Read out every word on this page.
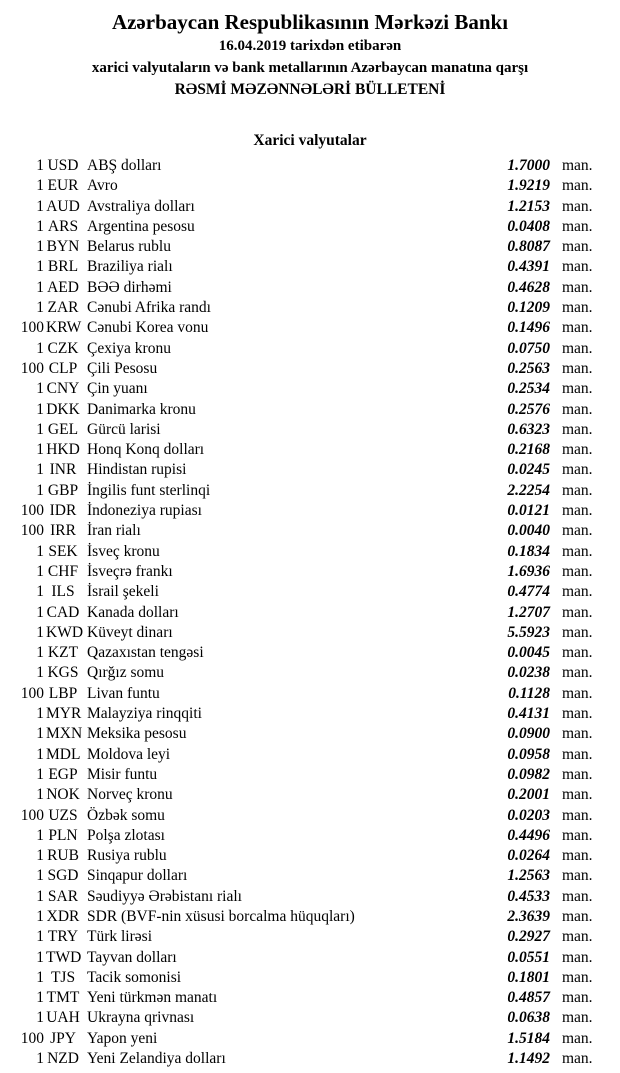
Azərbaycan Respublikasının Mərkəzi Bankı
16.04.2019 tarixdən etibarən
xarici valyutaların və bank metallarının Azərbaycan manatına qarşı
RƏSMİ MƏZƏNNƏLƏRİ BÜLLETENİ
Xarici valyutalar
1 USD ABŞ dolları	1.7000 man.
1 EUR Avro	1.9219 man.
1 AUD Avstraliya dolları	1.2153 man.
1 ARS Argentina pesosu	0.0408 man.
1 BYN Belarus rublu	0.8087 man.
1 BRL Braziliya rialı	0.4391 man.
1 AED BƏƏ dirhəmi	0.4628 man.
1 ZAR Cənubi Afrika randı	0.1209 man.
100 KRW Cənubi Korea vonu	0.1496 man.
1 CZK Çexiya kronu	0.0750 man.
100 CLP Çili Pesosu	0.2563 man.
1 CNY Çin yuanı	0.2534 man.
1 DKK Danimarka kronu	0.2576 man.
1 GEL Gürcü larisi	0.6323 man.
1 HKD Honq Konq dolları	0.2168 man.
1 INR Hindistan rupisi	0.0245 man.
1 GBP İngilis funt sterlinqi	2.2254 man.
100 IDR İndoneziya rupiası	0.0121 man.
100 IRR İran rialı	0.0040 man.
1 SEK İsveç kronu	0.1834 man.
1 CHF İsveçrə frankı	1.6936 man.
1 ILS İsrail şekeli	0.4774 man.
1 CAD Kanada dolları	1.2707 man.
1 KWD Küveyt dinarı	5.5923 man.
1 KZT Qazaxıstan tengəsi	0.0045 man.
1 KGS Qırğız somu	0.0238 man.
100 LBP Livan funtu	0.1128 man.
1 MYR Malayziya rinqqiti	0.4131 man.
1 MXN Meksika pesosu	0.0900 man.
1 MDL Moldova leyi	0.0958 man.
1 EGP Misir funtu	0.0982 man.
1 NOK Norveç kronu	0.2001 man.
100 UZS Özbək somu	0.0203 man.
1 PLN Polşa zlotası	0.4496 man.
1 RUB Rusiya rublu	0.0264 man.
1 SGD Sinqapur dolları	1.2563 man.
1 SAR Səudiyyə Ərəbistanı rialı	0.4533 man.
1 XDR SDR (BVF-nin xüsusi borcalma hüquqları)	2.3639 man.
1 TRY Türk lirəsi	0.2927 man.
1 TWD Tayvan dolları	0.0551 man.
1 TJS Tacik somonisi	0.1801 man.
1 TMT Yeni türkmən manatı	0.4857 man.
1 UAH Ukrayna qrivnası	0.0638 man.
100 JPY Yapon yeni	1.5184 man.
1 NZD Yeni Zelandiya dolları	1.1492 man.
